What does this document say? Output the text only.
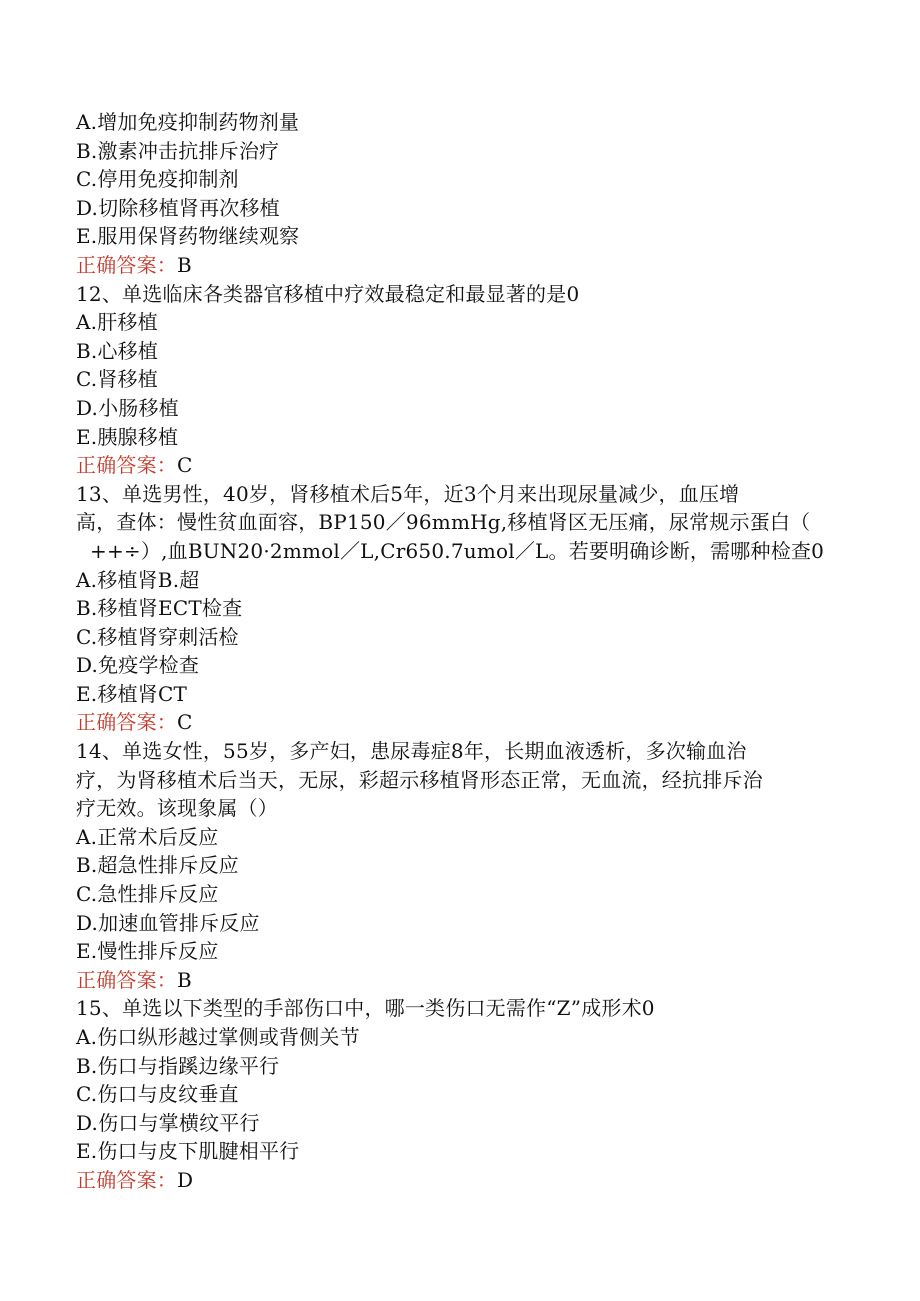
A.增加免疫抑制药物剂量
B.激素冲击抗排斥治疗
C.停用免疫抑制剂
D.切除移植肾再次移植
E.服用保肾药物继续观察
正确答案：B
12、单选临床各类器官移植中疗效最稳定和最显著的是0
A.肝移植
B.心移植
C.肾移植
D.小肠移植
E.胰腺移植
正确答案：C
13、单选男性，40岁，肾移植术后5年，近3个月来出现尿量减少，血压增
高，查体：慢性贫血面容，BP150／96mmHg,移植肾区无压痛，尿常规示蛋白（
++÷）,血BUN20·2mmol／L,Cr650.7umol／L。若要明确诊断，需哪种检查0
A.移植肾B.超
B.移植肾ECT检查
C.移植肾穿刺活检
D.免疫学检查
E.移植肾CT
正确答案：C
14、单选女性，55岁，多产妇，患尿毒症8年，长期血液透析，多次输血治
疗，为肾移植术后当天，无尿，彩超示移植肾形态正常，无血流，经抗排斥治
疗无效。该现象属（）
A.正常术后反应
B.超急性排斥反应
C.急性排斥反应
D.加速血管排斥反应
E.慢性排斥反应
正确答案：B
15、单选以下类型的手部伤口中，哪一类伤口无需作“Z”成形术0
A.伤口纵形越过掌侧或背侧关节
B.伤口与指蹊边缘平行
C.伤口与皮纹垂直
D.伤口与掌横纹平行
E.伤口与皮下肌腱相平行
正确答案：D
